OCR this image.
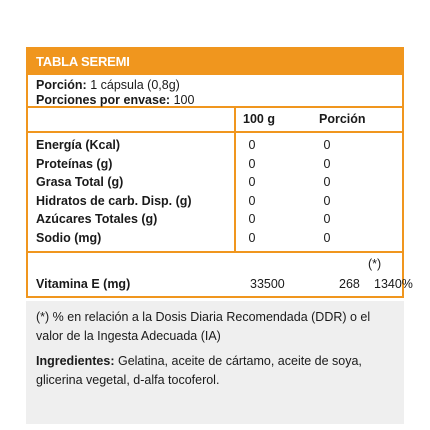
TABLA SEREMI
Porción: 1 cápsula (0,8g)
Porciones por envase: 100
100 g	Porción
Energía (Kcal)	0	0
Proteínas (g)	0	0
Grasa Total (g)	0	0
Hidratos de carb. Disp. (g)	0	0
Azúcares Totales (g)	0	0
Sodio (mg)	0	0
(*)
Vitamina E (mg)	33500	268 1340%

(*) % en relación a la Dosis Diaria Recomendada (DDR) o el valor de la Ingesta Adecuada (IA)

Ingredientes: Gelatina, aceite de cártamo, aceite de soya, glicerina vegetal, d-alfa tocoferol.
